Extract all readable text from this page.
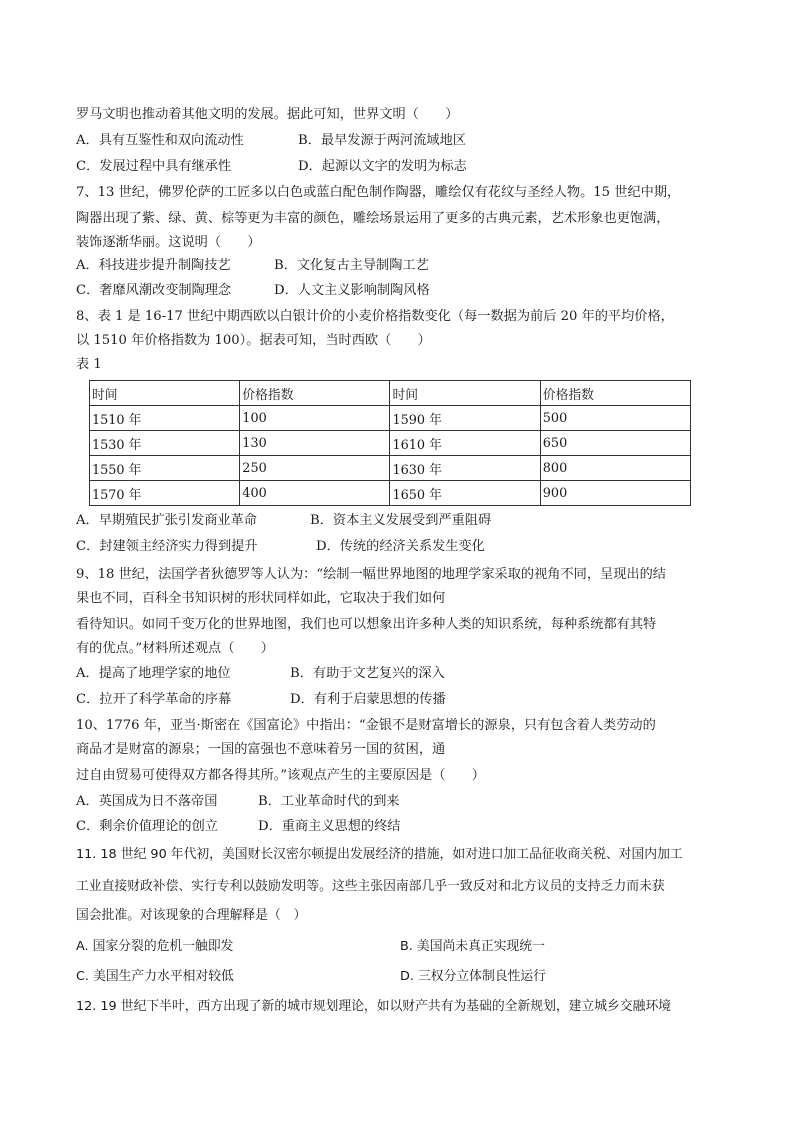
罗马文明也推动着其他文明的发展。据此可知，世界文明（　　）
A．具有互鉴性和双向流动性	B．最早发源于两河流域地区
C．发展过程中具有继承性	D．起源以文字的发明为标志
7、13 世纪，佛罗伦萨的工匠多以白色或蓝白配色制作陶器，雕绘仅有花纹与圣经人物。15 世纪中期，
陶器出现了紫、绿、黄、棕等更为丰富的颜色，雕绘场景运用了更多的古典元素，艺术形象也更饱满，
装饰逐渐华丽。这说明（　　）
A．科技进步提升制陶技艺	B．文化复古主导制陶工艺
C．奢靡风潮改变制陶理念	D．人文主义影响制陶风格
8、表 1 是 16-17 世纪中期西欧以白银计价的小麦价格指数变化（每一数据为前后 20 年的平均价格，
以 1510 年价格指数为 100）。据表可知，当时西欧（　　）
表 1
时间	价格指数	时间	价格指数
1510 年	100	1590 年	500
1530 年	130	1610 年	650
1550 年	250	1630 年	800
1570 年	400	1650 年	900
A．早期殖民扩张引发商业革命	B．资本主义发展受到严重阻碍
C．封建领主经济实力得到提升	D．传统的经济关系发生变化
9、18 世纪，法国学者狄德罗等人认为：“绘制一幅世界地图的地理学家采取的视角不同，呈现出的结
果也不同，百科全书知识树的形状同样如此，它取决于我们如何
看待知识。如同千变万化的世界地图，我们也可以想象出许多种人类的知识系统，每种系统都有其特
有的优点。”材料所述观点（　　）
A．提高了地理学家的地位	B．有助于文艺复兴的深入
C．拉开了科学革命的序幕	D．有利于启蒙思想的传播
10、1776 年，亚当·斯密在《国富论》中指出：“金银不是财富增长的源泉，只有包含着人类劳动的
商品才是财富的源泉；一国的富强也不意味着另一国的贫困，通
过自由贸易可使得双方都各得其所。”该观点产生的主要原因是（　　）
A．英国成为日不落帝国	B．工业革命时代的到来
C．剩余价值理论的创立	D．重商主义思想的终结
11. 18 世纪 90 年代初，美国财长汉密尔顿提出发展经济的措施，如对进口加工品征收商关税、对国内加工
工业直接财政补偿、实行专利以鼓励发明等。这些主张因南部几乎一致反对和北方议员的支持乏力而未获
国会批准。对该现象的合理解释是（　）
A. 国家分裂的危机一触即发	B. 美国尚未真正实现统一
C. 美国生产力水平相对较低	D. 三权分立体制良性运行
12. 19 世纪下半叶，西方出现了新的城市规划理论，如以财产共有为基础的全新规划，建立城乡交融环境
